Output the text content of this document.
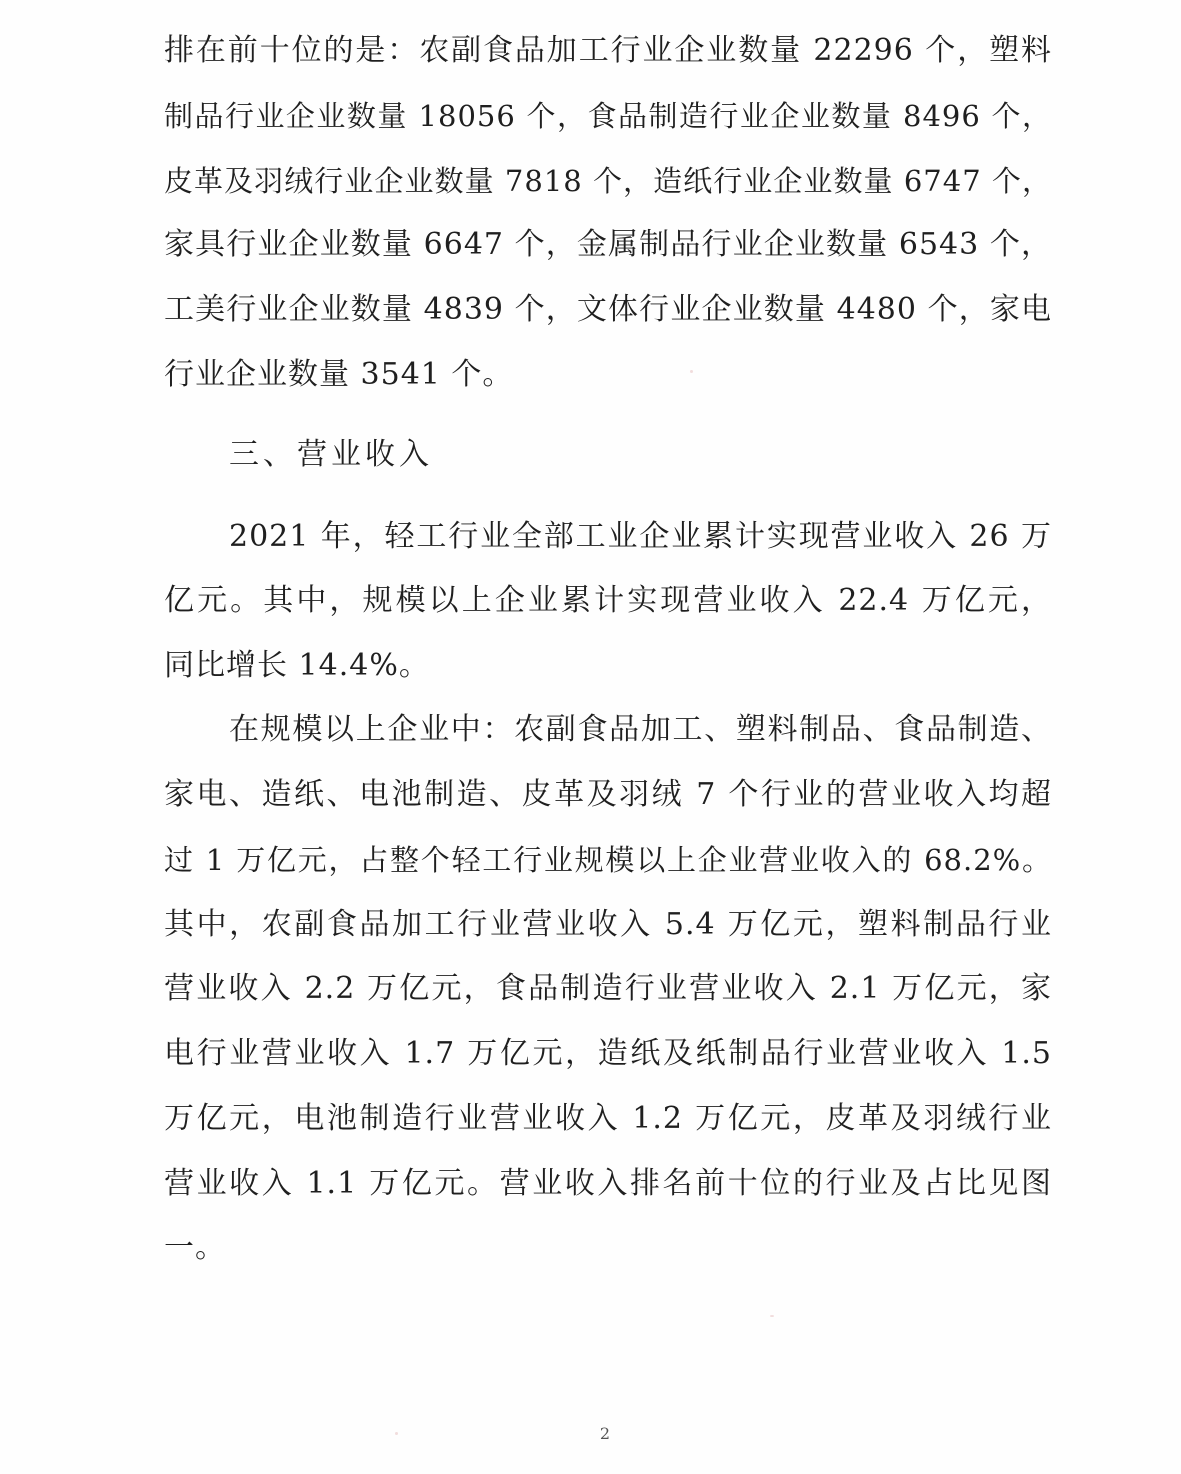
排在前十位的是：农副食品加工行业企业数量 22296 个，塑料
制品行业企业数量 18056 个，食品制造行业企业数量 8496 个，
皮革及羽绒行业企业数量 7818 个，造纸行业企业数量 6747 个，
家具行业企业数量 6647 个，金属制品行业企业数量 6543 个，
工美行业企业数量 4839 个，文体行业企业数量 4480 个，家电
行业企业数量 3541 个。
三、营业收入
2021 年，轻工行业全部工业企业累计实现营业收入 26 万
亿元。其中，规模以上企业累计实现营业收入 22.4 万亿元，
同比增长 14.4%。
在规模以上企业中：农副食品加工、塑料制品、食品制造、
家电、造纸、电池制造、皮革及羽绒 7 个行业的营业收入均超
过 1 万亿元，占整个轻工行业规模以上企业营业收入的 68.2%。
其中，农副食品加工行业营业收入 5.4 万亿元，塑料制品行业
营业收入 2.2 万亿元，食品制造行业营业收入 2.1 万亿元，家
电行业营业收入 1.7 万亿元，造纸及纸制品行业营业收入 1.5
万亿元，电池制造行业营业收入 1.2 万亿元，皮革及羽绒行业
营业收入 1.1 万亿元。营业收入排名前十位的行业及占比见图
一。
2
